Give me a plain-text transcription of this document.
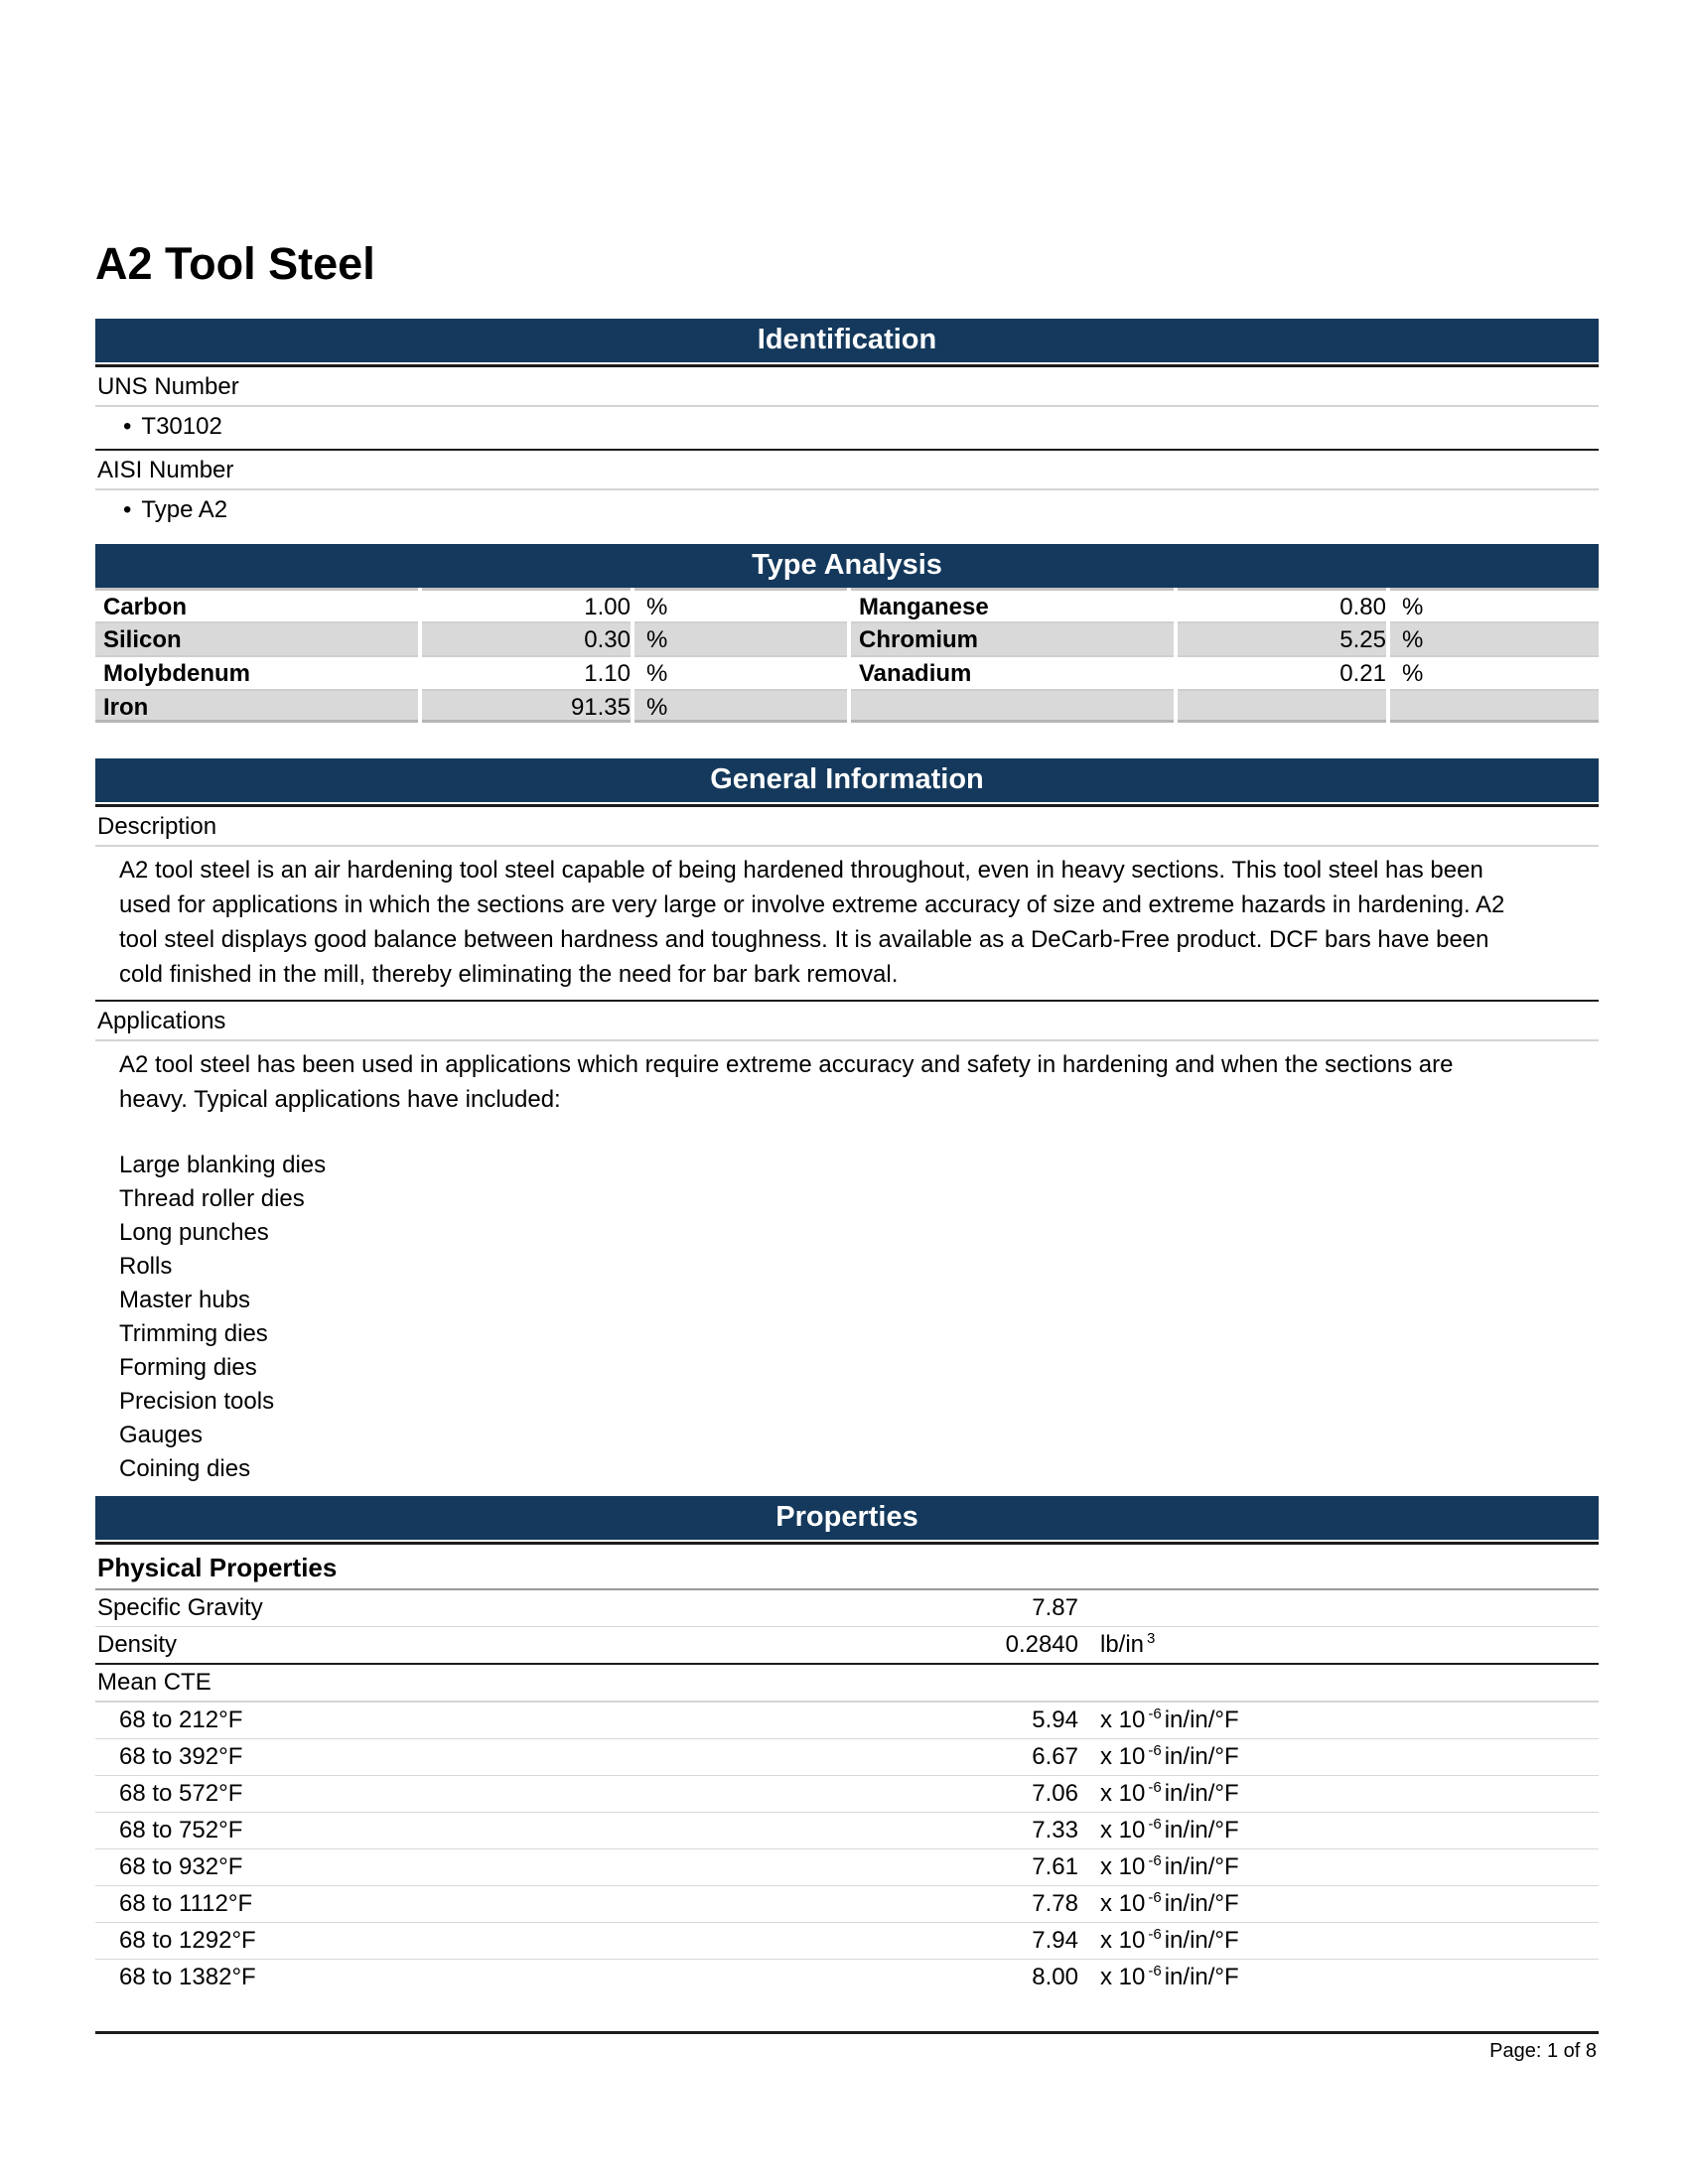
A2 Tool Steel
Identification
UNS Number
• T30102
AISI Number
• Type A2
Type Analysis
Carbon	1.00 %	Manganese	0.80 %
Silicon	0.30 %	Chromium	5.25 %
Molybdenum	1.10 %	Vanadium	0.21 %
Iron	91.35 %
General Information
Description
A2 tool steel is an air hardening tool steel capable of being hardened throughout, even in heavy sections. This tool steel has been
used for applications in which the sections are very large or involve extreme accuracy of size and extreme hazards in hardening. A2
tool steel displays good balance between hardness and toughness. It is available as a DeCarb-Free product. DCF bars have been
cold finished in the mill, thereby eliminating the need for bar bark removal.
Applications
A2 tool steel has been used in applications which require extreme accuracy and safety in hardening and when the sections are
heavy. Typical applications have included:
Large blanking dies
Thread roller dies
Long punches
Rolls
Master hubs
Trimming dies
Forming dies
Precision tools
Gauges
Coining dies
Properties
Physical Properties
Specific Gravity	7.87
Density	0.2840 lb/in $^3$
Mean CTE
68 to 212°F	5.94 x 10 $^{-6}$ in/in/°F
68 to 392°F	6.67 x 10 $^{-6}$ in/in/°F
68 to 572°F	7.06 x 10 $^{-6}$ in/in/°F
68 to 752°F	7.33 x 10 $^{-6}$ in/in/°F
68 to 932°F	7.61 x 10 $^{-6}$ in/in/°F
68 to 1112°F	7.78 x 10 $^{-6}$ in/in/°F
68 to 1292°F	7.94 x 10 $^{-6}$ in/in/°F
68 to 1382°F	8.00 x 10 $^{-6}$ in/in/°F
Page: 1 of 8
